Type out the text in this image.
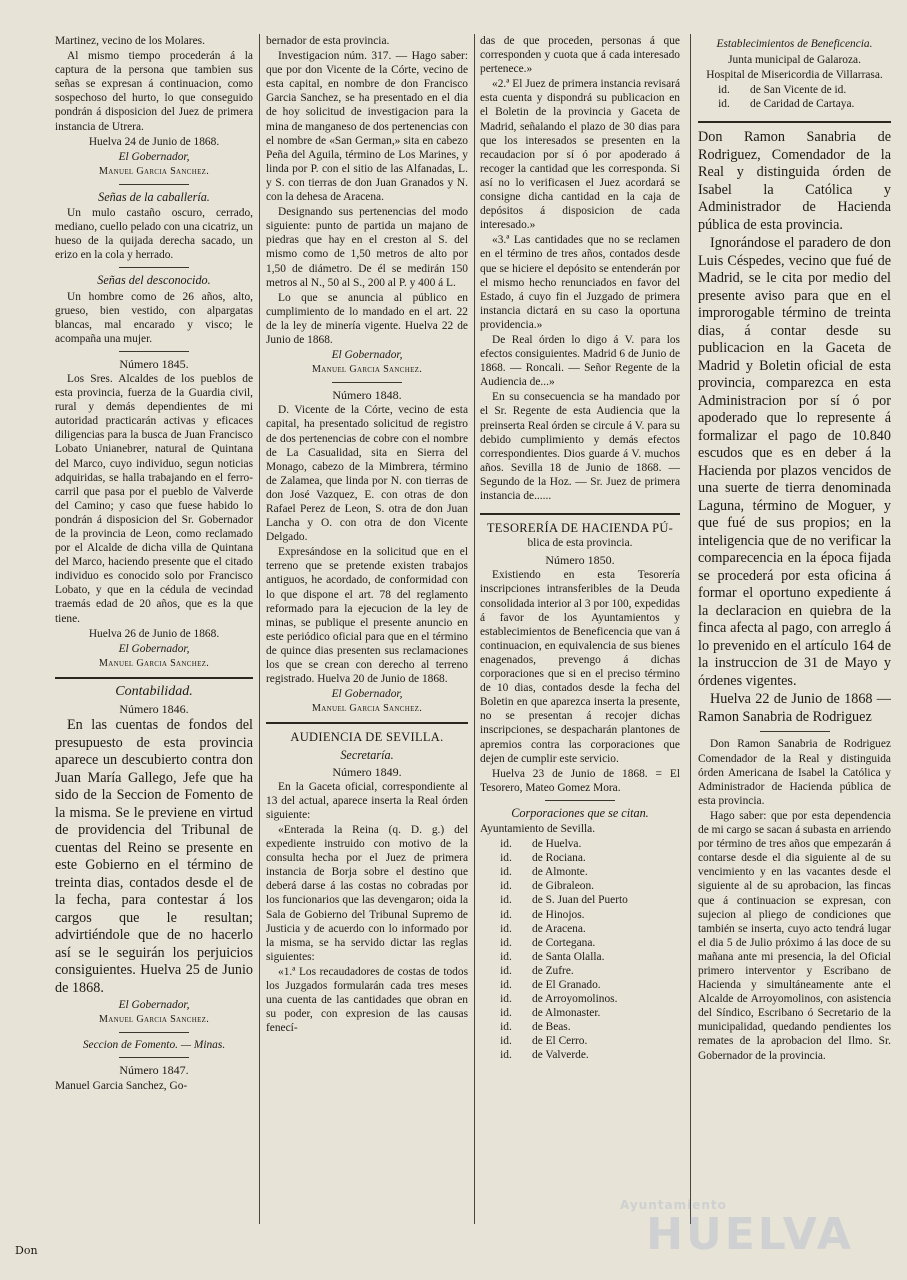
Martinez, vecino de los Molares.

Al mismo tiempo procederán á la captura de la persona que tambien sus señas se expresan á continuacion, como sospechoso del hurto, lo que conseguido pondrán á disposicion del Juez de primera instancia de Utrera.

Huelva 24 de Junio de 1868.

El Gobernador,

Manuel Garcia Sanchez.

Señas de la caballería.

Un mulo castaño oscuro, cerrado, mediano, cuello pelado con una cicatriz, un hueso de la quijada derecha sacado, un erizo en la cola y herrado.

Señas del desconocido.

Un hombre como de 26 años, alto, grueso, bien vestido, con alpargatas blancas, mal encarado y visco; le acompaña una mujer.

Número 1845.

Los Sres. Alcaldes de los pueblos de esta provincia, fuerza de la Guardia civil, rural y demás dependientes de mi autoridad practicarán activas y eficaces diligencias para la busca de Juan Francisco Lobato Unianebrer, natural de Quintana del Marco, cuyo individuo, segun noticias adquiridas, se halla trabajando en el ferro-carril que pasa por el pueblo de Valverde del Camino; y caso que fuese habido lo pondrán á disposicion del Sr. Gobernador de la provincia de Leon, como reclamado por el Alcalde de dicha villa de Quintana del Marco, haciendo presente que el citado individuo es conocido solo por Francisco Lobato, y que en la cédula de vecindad traemás edad de 20 años, que es la que tiene.

Huelva 26 de Junio de 1868.

El Gobernador,

Manuel Garcia Sanchez.

Contabilidad.

Número 1846.

En las cuentas de fondos del presupuesto de esta provincia aparece un descubierto contra don Juan María Gallego, Jefe que ha sido de la Seccion de Fomento de la misma. Se le previene en virtud de providencia del Tribunal de cuentas del Reino se presente en este Gobierno en el término de treinta dias, contados desde el de la fecha, para contestar á los cargos que le resultan; advirtiéndole que de no hacerlo así se le seguirán los perjuicios consiguientes. Huelva 25 de Junio de 1868.

El Gobernador,

Manuel Garcia Sanchez.

Seccion de Fomento. — Minas.

Número 1847.

Manuel Garcia Sanchez, Go-

bernador de esta provincia.

Investigacion núm. 317. — Hago saber: que por don Vicente de la Córte, vecino de esta capital, en nombre de don Francisco Garcia Sanchez, se ha presentado en el dia de hoy solicitud de investigacion para la mina de manganeso de dos pertenencias con el nombre de «San German,» sita en cabezo Peña del Aguila, término de Los Marines, y linda por P. con el sitio de las Alfanadas, L. y S. con tierras de don Juan Granados y N. con la dehesa de Aracena.

Designando sus pertenencias del modo siguiente: punto de partida un majano de piedras que hay en el creston al S. del mismo como de 1,50 metros de alto por 1,50 de diámetro. De él se medirán 150 metros al N., 50 al S., 200 al P. y 400 á L.

Lo que se anuncia al público en cumplimiento de lo mandado en el art. 22 de la ley de minería vigente. Huelva 22 de Junio de 1868.

El Gobernador,

Manuel Garcia Sanchez.

Número 1848.

D. Vicente de la Córte, vecino de esta capital, ha presentado solicitud de registro de dos pertenencias de cobre con el nombre de La Casualidad, sita en Sierra del Monago, cabezo de la Mimbrera, término de Zalamea, que linda por N. con tierras de don José Vazquez, E. con otras de don Rafael Perez de Leon, S. otra de don Juan Lancha y O. con otra de don Vicente Delgado.

Expresándose en la solicitud que en el terreno que se pretende existen trabajos antiguos, he acordado, de conformidad con lo que dispone el art. 78 del reglamento reformado para la ejecucion de la ley de minas, se publique el presente anuncio en este periódico oficial para que en el término de quince dias presenten sus reclamaciones los que se crean con derecho al terreno registrado. Huelva 20 de Junio de 1868.

El Gobernador,

Manuel Garcia Sanchez.

AUDIENCIA DE SEVILLA.

Secretaría.

Número 1849.

En la Gaceta oficial, correspondiente al 13 del actual, aparece inserta la Real órden siguiente:

«Enterada la Reina (q. D. g.) del expediente instruido con motivo de la consulta hecha por el Juez de primera instancia de Borja sobre el destino que deberá darse á las costas no cobradas por los funcionarios que las devengaron; oida la Sala de Gobierno del Tribunal Supremo de Justicia y de acuerdo con lo informado por la misma, se ha servido dictar las reglas siguientes:

«1.ª Los recaudadores de costas de todos los Juzgados formularán cada tres meses una cuenta de las cantidades que obran en su poder, con expresion de las causas fenecí-

das de que proceden, personas á que corresponden y cuota que á cada interesado pertenece.»

«2.ª El Juez de primera instancia revisará esta cuenta y dispondrá su publicacion en el Boletin de la provincia y Gaceta de Madrid, señalando el plazo de 30 dias para que los interesados se presenten en la recaudacion por sí ó por apoderado á recoger la cantidad que les corresponda. Si así no lo verificasen el Juez acordará se consigne dicha cantidad en la caja de depósitos á disposicion de cada interesado.»

«3.ª Las cantidades que no se reclamen en el término de tres años, contados desde que se hiciere el depósito se entenderán por el mismo hecho renunciados en favor del Estado, á cuyo fin el Juzgado de primera instancia dictará en su caso la oportuna providencia.»

De Real órden lo digo á V. para los efectos consiguientes. Madrid 6 de Junio de 1868. — Roncali. — Señor Regente de la Audiencia de...»

En su consecuencia se ha mandado por el Sr. Regente de esta Audiencia que la preinserta Real órden se circule á V. para su debido cumplimiento y demás efectos correspondientes. Dios guarde á V. muchos años. Sevilla 18 de Junio de 1868. — Segundo de la Hoz. — Sr. Juez de primera instancia de......

TESORERÍA DE HACIENDA PÚ-

blica de esta provincia.

Número 1850.

Existiendo en esta Tesorería inscripciones intransferibles de la Deuda consolidada interior al 3 por 100, expedidas á favor de los Ayuntamientos y establecimientos de Beneficencia que van á continuacion, en equivalencia de sus bienes enagenados, prevengo á dichas corporaciones que si en el preciso término de 10 dias, contados desde la fecha del Boletin en que aparezca inserta la presente, no se presentan á recojer dichas inscripciones, se despacharán plantones de apremios contra las corporaciones que dejen de cumplir este servicio.

Huelva 23 de Junio de 1868. = El Tesorero, Mateo Gomez Mora.

Corporaciones que se citan.

Ayuntamiento de Sevilla.

id.	de Huelva.
id.	de Rociana.
id.	de Almonte.
id.	de Gibraleon.
id.	de S. Juan del Puerto
id.	de Hinojos.
id.	de Aracena.
id.	de Cortegana.
id.	de Santa Olalla.
id.	de Zufre.
id.	de El Granado.
id.	de Arroyomolinos.
id.	de Almonaster.
id.	de Beas.
id.	de El Cerro.
id.	de Valverde.

Establecimientos de Beneficencia.

Junta municipal de Galaroza.

Hospital de Misericordia de Villarrasa.

id.	de San Vicente de id.
id.	de Caridad de Cartaya.

Don Ramon Sanabria de Rodriguez, Comendador de la Real y distinguida órden de Isabel la Católica y Administrador de Hacienda pública de esta provincia.

Ignorándose el paradero de don Luis Céspedes, vecino que fué de Madrid, se le cita por medio del presente aviso para que en el improrogable término de treinta dias, á contar desde su publicacion en la Gaceta de Madrid y Boletin oficial de esta provincia, comparezca en esta Administracion por sí ó por apoderado que lo represente á formalizar el pago de 10.840 escudos que es en deber á la Hacienda por plazos vencidos de una suerte de tierra denominada Laguna, término de Moguer, y que fué de sus propios; en la inteligencia que de no verificar la comparecencia en la época fijada se procederá por esta oficina á formar el oportuno expediente á la declaracion en quiebra de la finca afecta al pago, con arreglo á lo prevenido en el artículo 164 de la instruccion de 31 de Mayo y órdenes vigentes.

Huelva 22 de Junio de 1868 — Ramon Sanabria de Rodriguez

Don Ramon Sanabria de Rodriguez Comendador de la Real y distinguida órden Americana de Isabel la Católica y Administrador de Hacienda pública de esta provincia.

Hago saber: que por esta dependencia de mi cargo se sacan á subasta en arriendo por término de tres años que empezarán á contarse desde el dia siguiente al de su vencimiento y en las vacantes desde el siguiente al de su aprobacion, las fincas que á continuacion se expresan, con sujecion al pliego de condiciones que también se inserta, cuyo acto tendrá lugar el dia 5 de Julio próximo á las doce de su mañana ante mi presencia, la del Oficial primero interventor y Escribano de Hacienda y simultáneamente ante el Alcalde de Arroyomolinos, con asistencia del Síndico, Escribano ó Secretario de la municipalidad, quedando pendientes los remates de la aprobacion del Ilmo. Sr. Gobernador de la provincia.

Don
Ayuntamiento
HUELVA
